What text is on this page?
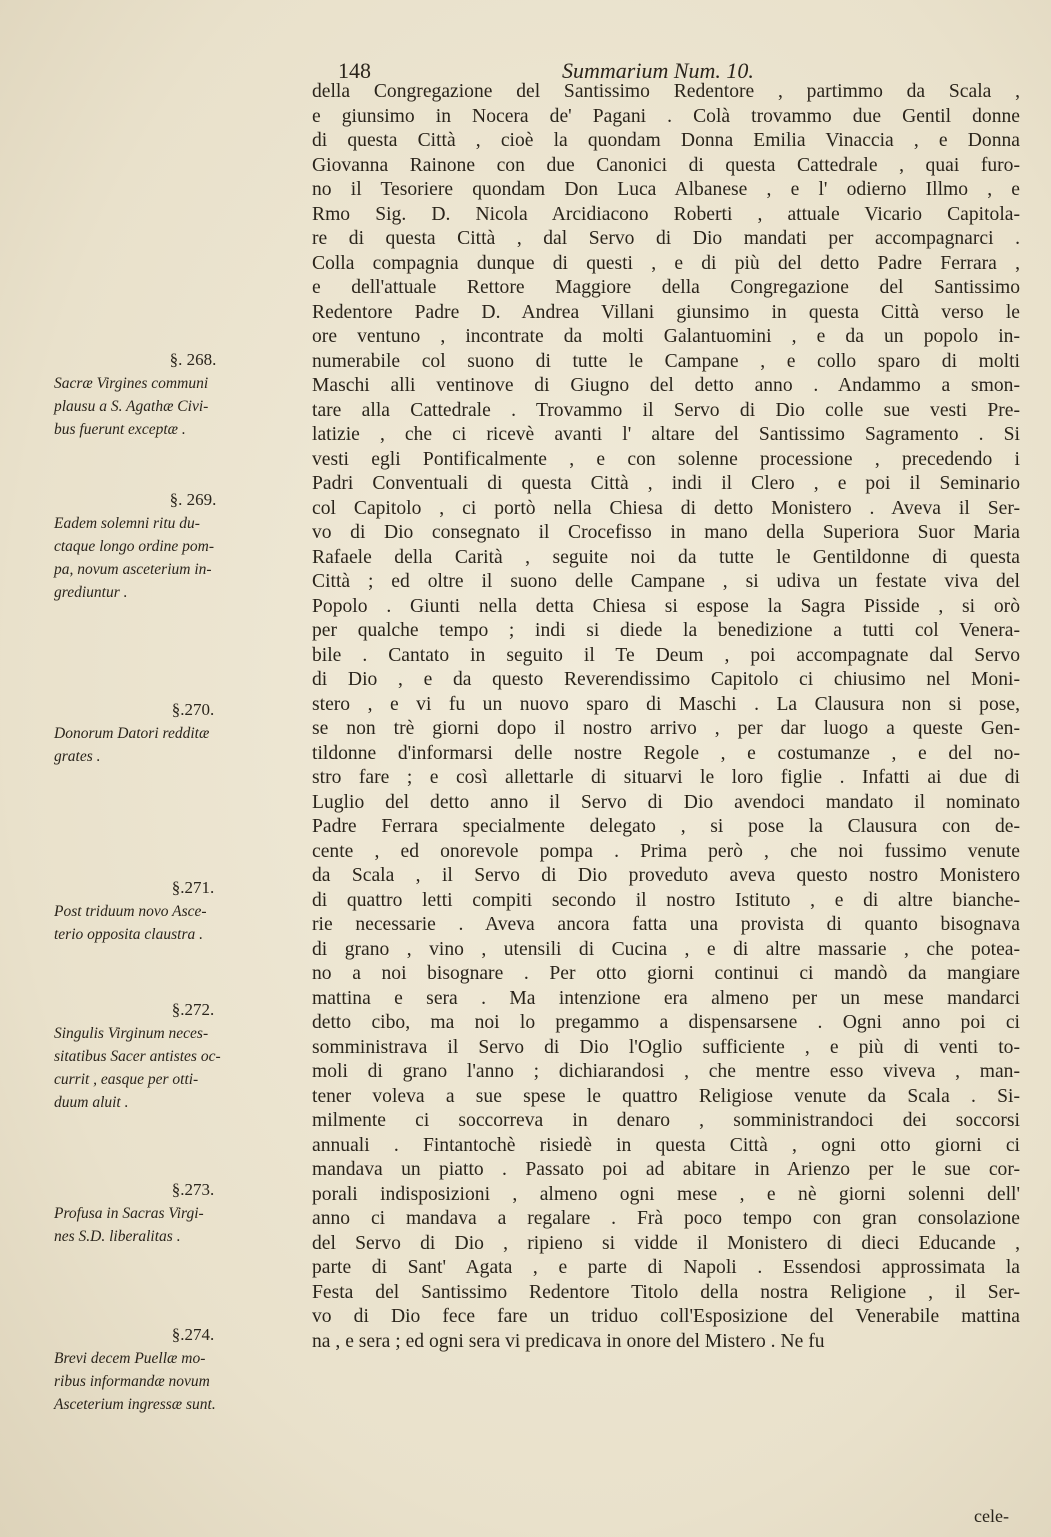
148	Summarium Num. 10.
§. 268.
Sacræ Virgines communi
plausu a S. Agathæ Civi-
bus fuerunt exceptæ .
§. 269.
Eadem solemni ritu du-
ctaque longo ordine pom-
pa, novum asceterium in-
grediuntur .
§.270.
Donorum Datori redditæ
grates .
§.271.
Post triduum novo Asce-
terio opposita claustra .
§.272.
Singulis Virginum neces-
sitatibus Sacer antistes oc-
currit , easque per otti-
duum aluit .
§.273.
Profusa in Sacras Virgi-
nes S.D. liberalitas .
§.274.
Brevi decem Puellæ mo-
ribus informandæ novum
Asceterium ingressæ sunt.
della Congregazione del Santissimo Redentore , partimmo da Scala ,
e giunsimo in Nocera de' Pagani . Colà trovammo due Gentil donne
di questa Città , cioè la quondam Donna Emilia Vinaccia , e Donna
Giovanna Rainone con due Canonici di questa Cattedrale , quai furo-
no il Tesoriere quondam Don Luca Albanese , e l' odierno Illmo , e
Rmo Sig. D. Nicola Arcidiacono Roberti , attuale Vicario Capitola-
re di questa Città , dal Servo di Dio mandati per accompagnarci .
Colla compagnia dunque di questi , e di più del detto Padre Ferrara ,
e dell'attuale Rettore Maggiore della Congregazione del Santissimo
Redentore Padre D. Andrea Villani giunsimo in questa Città verso le
ore ventuno , incontrate da molti Galantuomini , e da un popolo in-
numerabile col suono di tutte le Campane , e collo sparo di molti
Maschi alli ventinove di Giugno del detto anno . Andammo a smon-
tare alla Cattedrale . Trovammo il Servo di Dio colle sue vesti Pre-
latizie , che ci ricevè avanti l' altare del Santissimo Sagramento . Si
vesti egli Pontificalmente , e con solenne processione , precedendo i
Padri Conventuali di questa Città , indi il Clero , e poi il Seminario
col Capitolo , ci portò nella Chiesa di detto Monistero . Aveva il Ser-
vo di Dio consegnato il Crocefisso in mano della Superiora Suor Maria
Rafaele della Carità , seguite noi da tutte le Gentildonne di questa
Città ; ed oltre il suono delle Campane , si udiva un festate viva del
Popolo . Giunti nella detta Chiesa si espose la Sagra Pisside , si orò
per qualche tempo ; indi si diede la benedizione a tutti col Venera-
bile . Cantato in seguito il Te Deum , poi accompagnate dal Servo
di Dio , e da questo Reverendissimo Capitolo ci chiusimo nel Moni-
stero , e vi fu un nuovo sparo di Maschi . La Clausura non si pose,
se non trè giorni dopo il nostro arrivo , per dar luogo a queste Gen-
tildonne d'informarsi delle nostre Regole , e costumanze , e del no-
stro fare ; e così allettarle di situarvi le loro figlie . Infatti ai due di
Luglio del detto anno il Servo di Dio avendoci mandato il nominato
Padre Ferrara specialmente delegato , si pose la Clausura con de-
cente , ed onorevole pompa . Prima però , che noi fussimo venute
da Scala , il Servo di Dio proveduto aveva questo nostro Monistero
di quattro letti compiti secondo il nostro Istituto , e di altre bianche-
rie necessarie . Aveva ancora fatta una provista di quanto bisognava
di grano , vino , utensili di Cucina , e di altre massarie , che potea-
no a noi bisognare . Per otto giorni continui ci mandò da mangiare
mattina e sera . Ma intenzione era almeno per un mese mandarci
detto cibo, ma noi lo pregammo a dispensarsene . Ogni anno poi ci
somministrava il Servo di Dio l'Oglio sufficiente , e più di venti to-
moli di grano l'anno ; dichiarandosi , che mentre esso viveva , man-
tener voleva a sue spese le quattro Religiose venute da Scala . Si-
milmente ci soccorreva in denaro , somministrandoci dei soccorsi
annuali . Fintantochè risiedè in questa Città , ogni otto giorni ci
mandava un piatto . Passato poi ad abitare in Arienzo per le sue cor-
porali indisposizioni , almeno ogni mese , e nè giorni solenni dell'
anno ci mandava a regalare . Frà poco tempo con gran consolazione
del Servo di Dio , ripieno si vidde il Monistero di dieci Educande ,
parte di Sant' Agata , e parte di Napoli . Essendosi approssimata la
Festa del Santissimo Redentore Titolo della nostra Religione , il Ser-
vo di Dio fece fare un triduo coll'Esposizione del Venerabile mattina
na , e sera ; ed ogni sera vi predicava in onore del Mistero . Ne fu
cele-
